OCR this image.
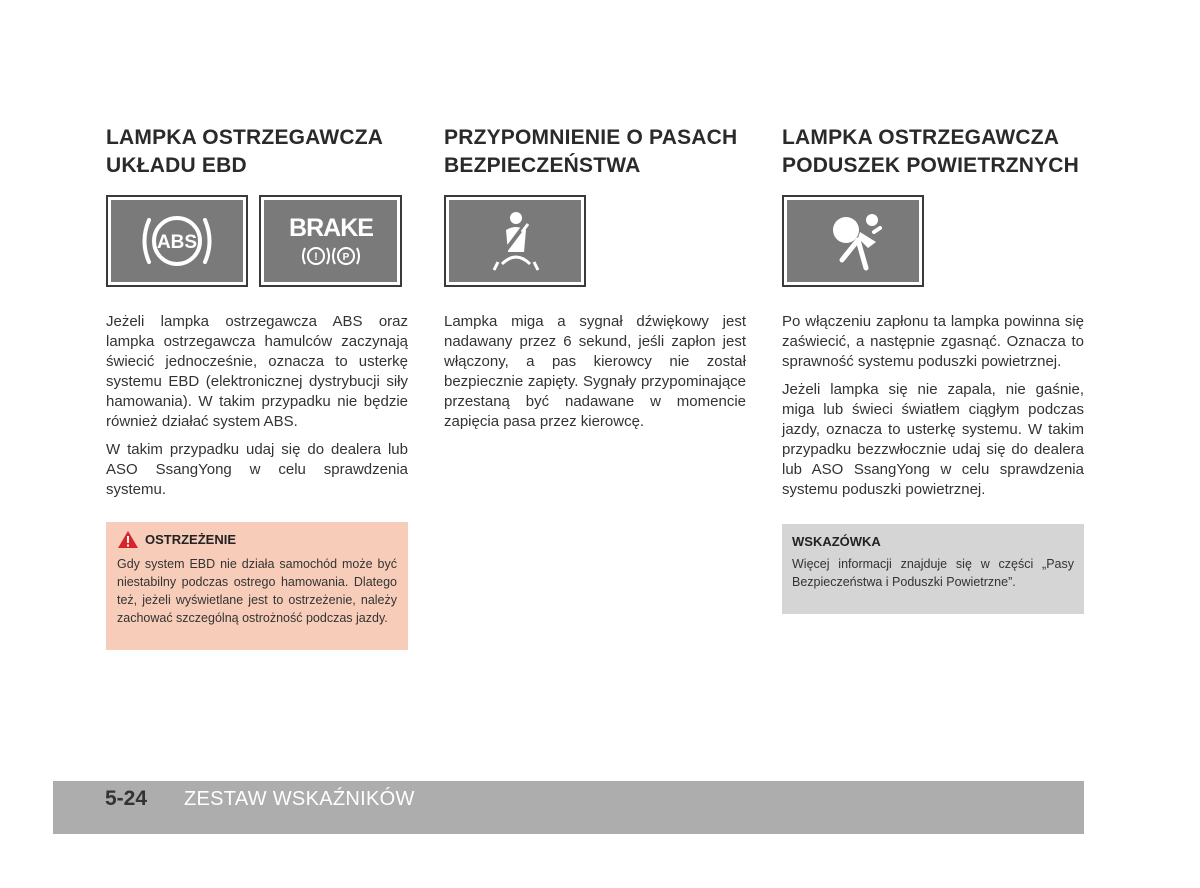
LAMPKA OSTRZEGAWCZA
UKŁADU EBD
ABS
BRAKE
! P

Jeżeli lampka ostrzegawcza ABS oraz lampka ostrzegawcza hamulców zaczynają świecić jednocześnie, oznacza to usterkę systemu EBD (elektronicznej dystrybucji siły hamowania). W takim przypadku nie będzie również działać system ABS.

W takim przypadku udaj się do dealera lub ASO SsangYong w celu sprawdzenia systemu.

OSTRZEŻENIE
Gdy system EBD nie działa samochód może być niestabilny podczas ostrego hamowania. Dlatego też, jeżeli wyświetlane jest to ostrzeżenie, należy zachować szczególną ostrożność podczas jazdy.
PRZYPOMNIENIE O PASACH
BEZPIECZEŃSTWA

Lampka miga a sygnał dźwiękowy jest nadawany przez 6 sekund, jeśli zapłon jest włączony, a pas kierowcy nie został bezpiecznie zapięty. Sygnały przypominające przestaną być nadawane w momencie zapięcia pasa przez kierowcę.

LAMPKA OSTRZEGAWCZA
PODUSZEK POWIETRZNYCH

Po włączeniu zapłonu ta lampka powinna się zaświecić, a następnie zgasnąć. Oznacza to sprawność systemu poduszki powietrznej.

Jeżeli lampka się nie zapala, nie gaśnie, miga lub świeci światłem ciągłym podczas jazdy, oznacza to usterkę systemu. W takim przypadku bezzwłocznie udaj się do dealera lub ASO SsangYong w celu sprawdzenia systemu poduszki powietrznej.

WSKAZÓWKA
Więcej informacji znajduje się w części „Pasy Bezpieczeństwa i Poduszki Powietrzne”.
5-24 ZESTAW WSKAŹNIKÓW
